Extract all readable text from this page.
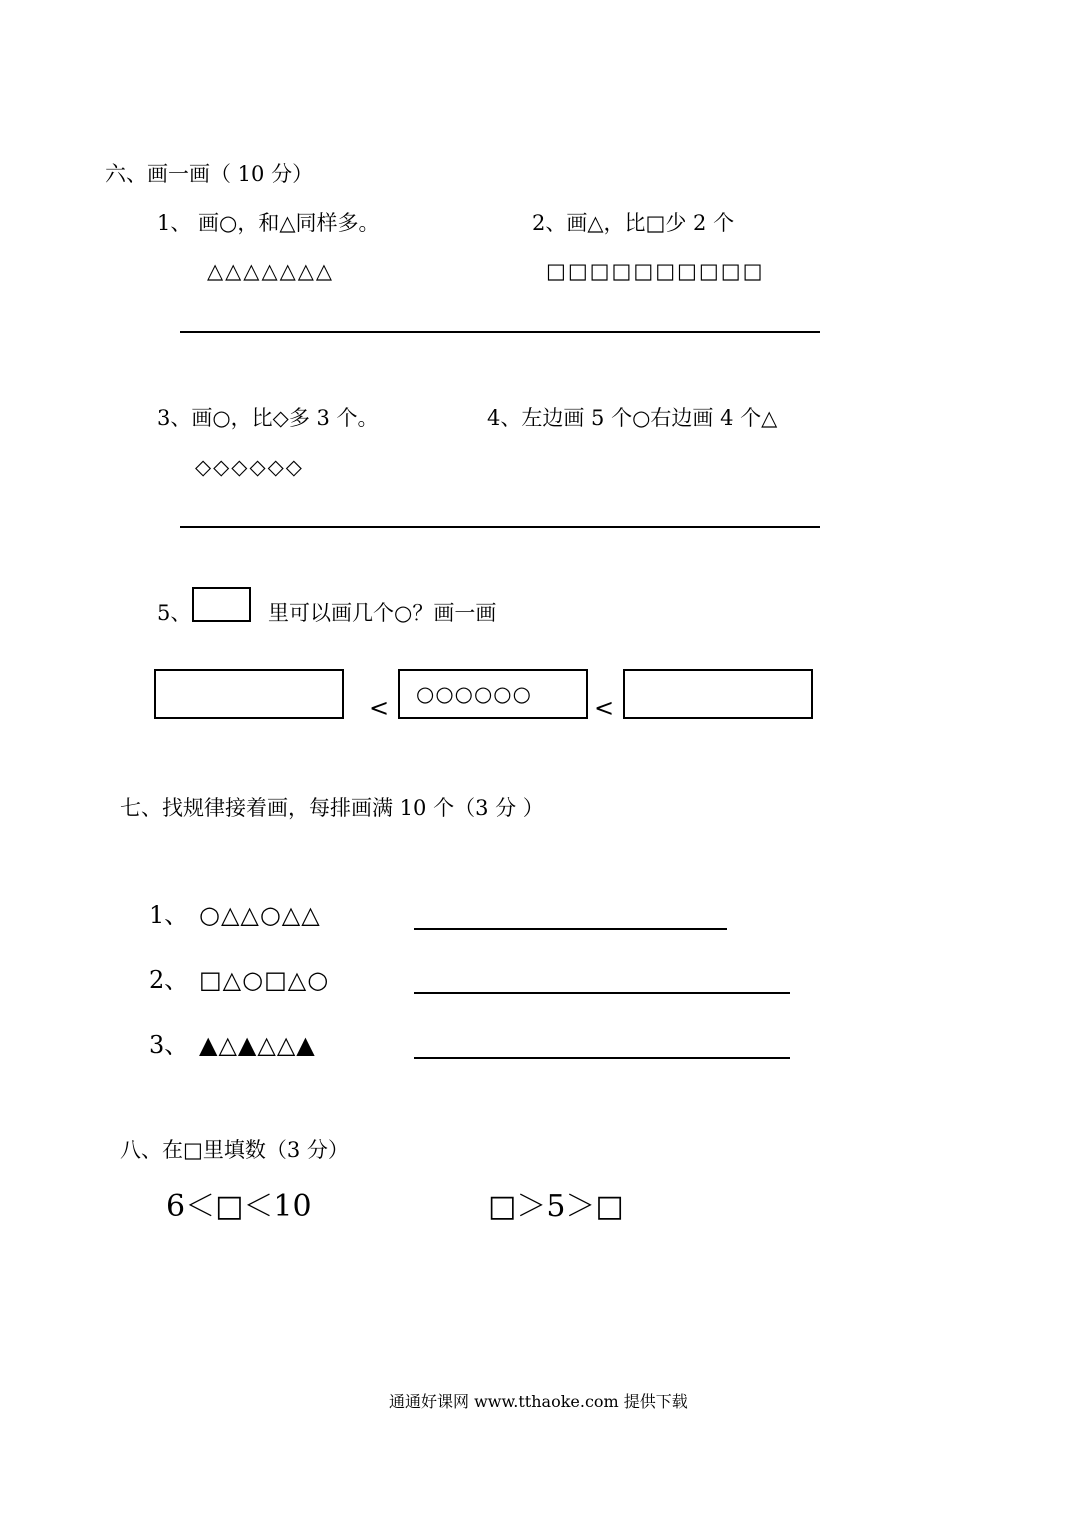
六、画一画（ 10 分）
1、 画○，和△同样多。
△△△△△△△
2、画△，比□少 2 个
□□□□□□□□□□
3、画○，比◇多 3 个。
◇◇◇◇◇◇
4、左边画 5 个○右边画 4 个△
5、	里可以画几个○？画一画
< ○○○○○○	<
七、找规律接着画，每排画满 10 个（3 分 ）
1、 ○△△○△△
2、 □△○□△○
3、 ▲△▲△△▲
八、在□里填数（3 分）
6＜□＜10	□＞5＞□
通通好课网 www.tthaoke.com 提供下载
